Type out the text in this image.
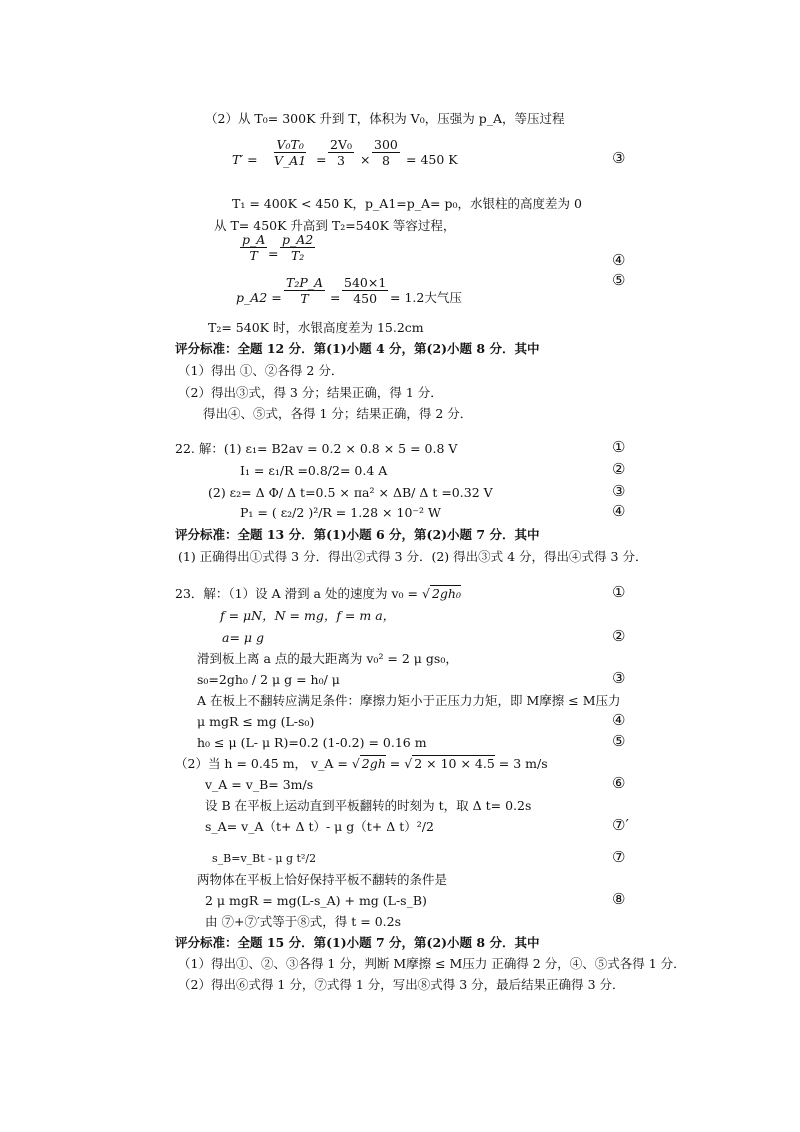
（2）从 T₀= 300K 升到 T，体积为 V₀，压强为 p_A，等压过程
$T' = \frac{\text{V₀T₀}}{V\_A1} = \frac{\text{2V₀}}{3} \times \frac{300}{8} = 450$ K	③
T₁ = 400K < 450 K，p_A1=p_A= p₀，水银柱的高度差为 0
从 T= 450K 升高到 T₂=540K 等容过程，
$\frac{p\_A}{T} = \frac{p\_A2}{\text{T₂}}$	④
⑤
p_A2 = $\frac{\text{T₂P\_A}}{T} = \frac{540\times 1}{450} = 1.2$大气压
T₂= 540K 时，水银高度差为 15.2cm
评分标准：全题 12 分．第(1)小题 4 分，第(2)小题 8 分．其中
（1）得出 ①、②各得 2 分．
（2）得出③式，得 3 分；结果正确，得 1 分．
得出④、⑤式，各得 1 分；结果正确，得 2 分．
22. 解：(1) ε₁= B2av = 0.2 × 0.8 × 5 = 0.8 V	①
I₁ = ε₁/R =0.8/2= 0.4 A	②
(2) ε₂= Δ Φ/ Δ t=0.5 × πa² × ΔB/ Δ t =0.32 V	③
P₁ = ( ε₂/2 )²/R = 1.28 × 10⁻² W	④
评分标准：全题 13 分．第(1)小题 6 分，第(2)小题 7 分．其中
(1) 正确得出①式得 3 分．得出②式得 3 分．(2) 得出③式 4 分，得出④式得 3 分．
23．解：（1）设 A 滑到 a 处的速度为 v₀ = √ 2gh₀	①
f = μN，N = mg，f = m a，
a= μ g	②
滑到板上离 a 点的最大距离为 v₀² = 2 μ gs₀，
s₀=2gh₀ / 2 μ g = h₀/ μ	③
A 在板上不翻转应满足条件：摩擦力矩小于正压力力矩，即 M摩擦 ≤ M压力
μ mgR ≤ mg (L-s₀)	④
h₀ ≤ μ (L- μ R)=0.2 (1-0.2) = 0.16 m	⑤
（2）当 h = 0.45 m， v_A = √ 2gh = √ 2 × 10 × 4.5 = 3 m/s
v_A = v_B= 3m/s	⑥
设 B 在平板上运动直到平板翻转的时刻为 t，取 Δ t= 0.2s
s_A= v_A（t+ Δ t）- μ g（t+ Δ t）²/2	⑦′
s_B=v_Bt - μ g t²/2	⑦
两物体在平板上恰好保持平板不翻转的条件是
2 μ mgR = mg(L-s_A) + mg (L-s_B)	⑧
由 ⑦+⑦′式等于⑧式，得 t = 0.2s
评分标准：全题 15 分．第(1)小题 7 分，第(2)小题 8 分．其中
（1）得出①、②、③各得 1 分，判断 M摩擦 ≤ M压力 正确得 2 分，④、⑤式各得 1 分．
（2）得出⑥式得 1 分，⑦式得 1 分，写出⑧式得 3 分，最后结果正确得 3 分．
